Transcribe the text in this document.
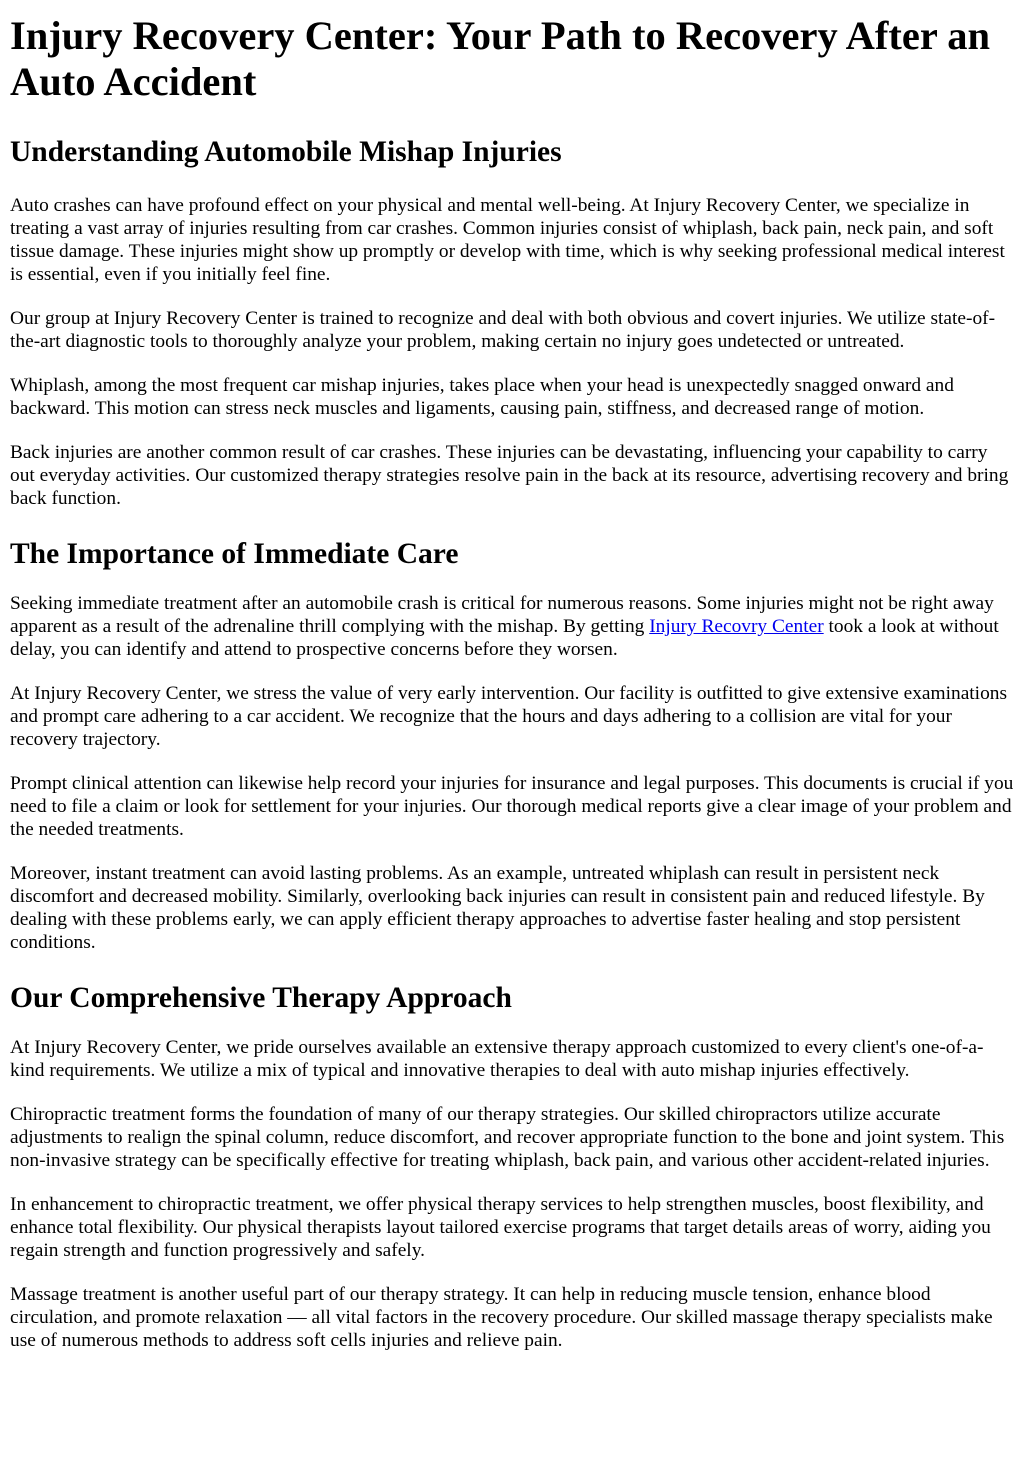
Injury Recovery Center: Your Path to Recovery After an Auto Accident
Understanding Automobile Mishap Injuries

Auto crashes can have profound effect on your physical and mental well-being. At Injury Recovery Center, we specialize in treating a vast array of injuries resulting from car crashes. Common injuries consist of whiplash, back pain, neck pain, and soft tissue damage. These injuries might show up promptly or develop with time, which is why seeking professional medical interest is essential, even if you initially feel fine.

Our group at Injury Recovery Center is trained to recognize and deal with both obvious and covert injuries. We utilize state-of-the-art diagnostic tools to thoroughly analyze your problem, making certain no injury goes undetected or untreated.

Whiplash, among the most frequent car mishap injuries, takes place when your head is unexpectedly snagged onward and backward. This motion can stress neck muscles and ligaments, causing pain, stiffness, and decreased range of motion.

Back injuries are another common result of car crashes. These injuries can be devastating, influencing your capability to carry out everyday activities. Our customized therapy strategies resolve pain in the back at its resource, advertising recovery and bring back function.

The Importance of Immediate Care

Seeking immediate treatment after an automobile crash is critical for numerous reasons. Some injuries might not be right away apparent as a result of the adrenaline thrill complying with the mishap. By getting Injury Recovry Center took a look at without delay, you can identify and attend to prospective concerns before they worsen.

At Injury Recovery Center, we stress the value of very early intervention. Our facility is outfitted to give extensive examinations and prompt care adhering to a car accident. We recognize that the hours and days adhering to a collision are vital for your recovery trajectory.

Prompt clinical attention can likewise help record your injuries for insurance and legal purposes. This documents is crucial if you need to file a claim or look for settlement for your injuries. Our thorough medical reports give a clear image of your problem and the needed treatments.

Moreover, instant treatment can avoid lasting problems. As an example, untreated whiplash can result in persistent neck discomfort and decreased mobility. Similarly, overlooking back injuries can result in consistent pain and reduced lifestyle. By dealing with these problems early, we can apply efficient therapy approaches to advertise faster healing and stop persistent conditions.

Our Comprehensive Therapy Approach

At Injury Recovery Center, we pride ourselves available an extensive therapy approach customized to every client's one-of-a-kind requirements. We utilize a mix of typical and innovative therapies to deal with auto mishap injuries effectively.

Chiropractic treatment forms the foundation of many of our therapy strategies. Our skilled chiropractors utilize accurate adjustments to realign the spinal column, reduce discomfort, and recover appropriate function to the bone and joint system. This non-invasive strategy can be specifically effective for treating whiplash, back pain, and various other accident-related injuries.

In enhancement to chiropractic treatment, we offer physical therapy services to help strengthen muscles, boost flexibility, and enhance total flexibility. Our physical therapists layout tailored exercise programs that target details areas of worry, aiding you regain strength and function progressively and safely.

Massage treatment is another useful part of our therapy strategy. It can help in reducing muscle tension, enhance blood circulation, and promote relaxation –– all vital factors in the recovery procedure. Our skilled massage therapy specialists make use of numerous methods to address soft cells injuries and relieve pain.
